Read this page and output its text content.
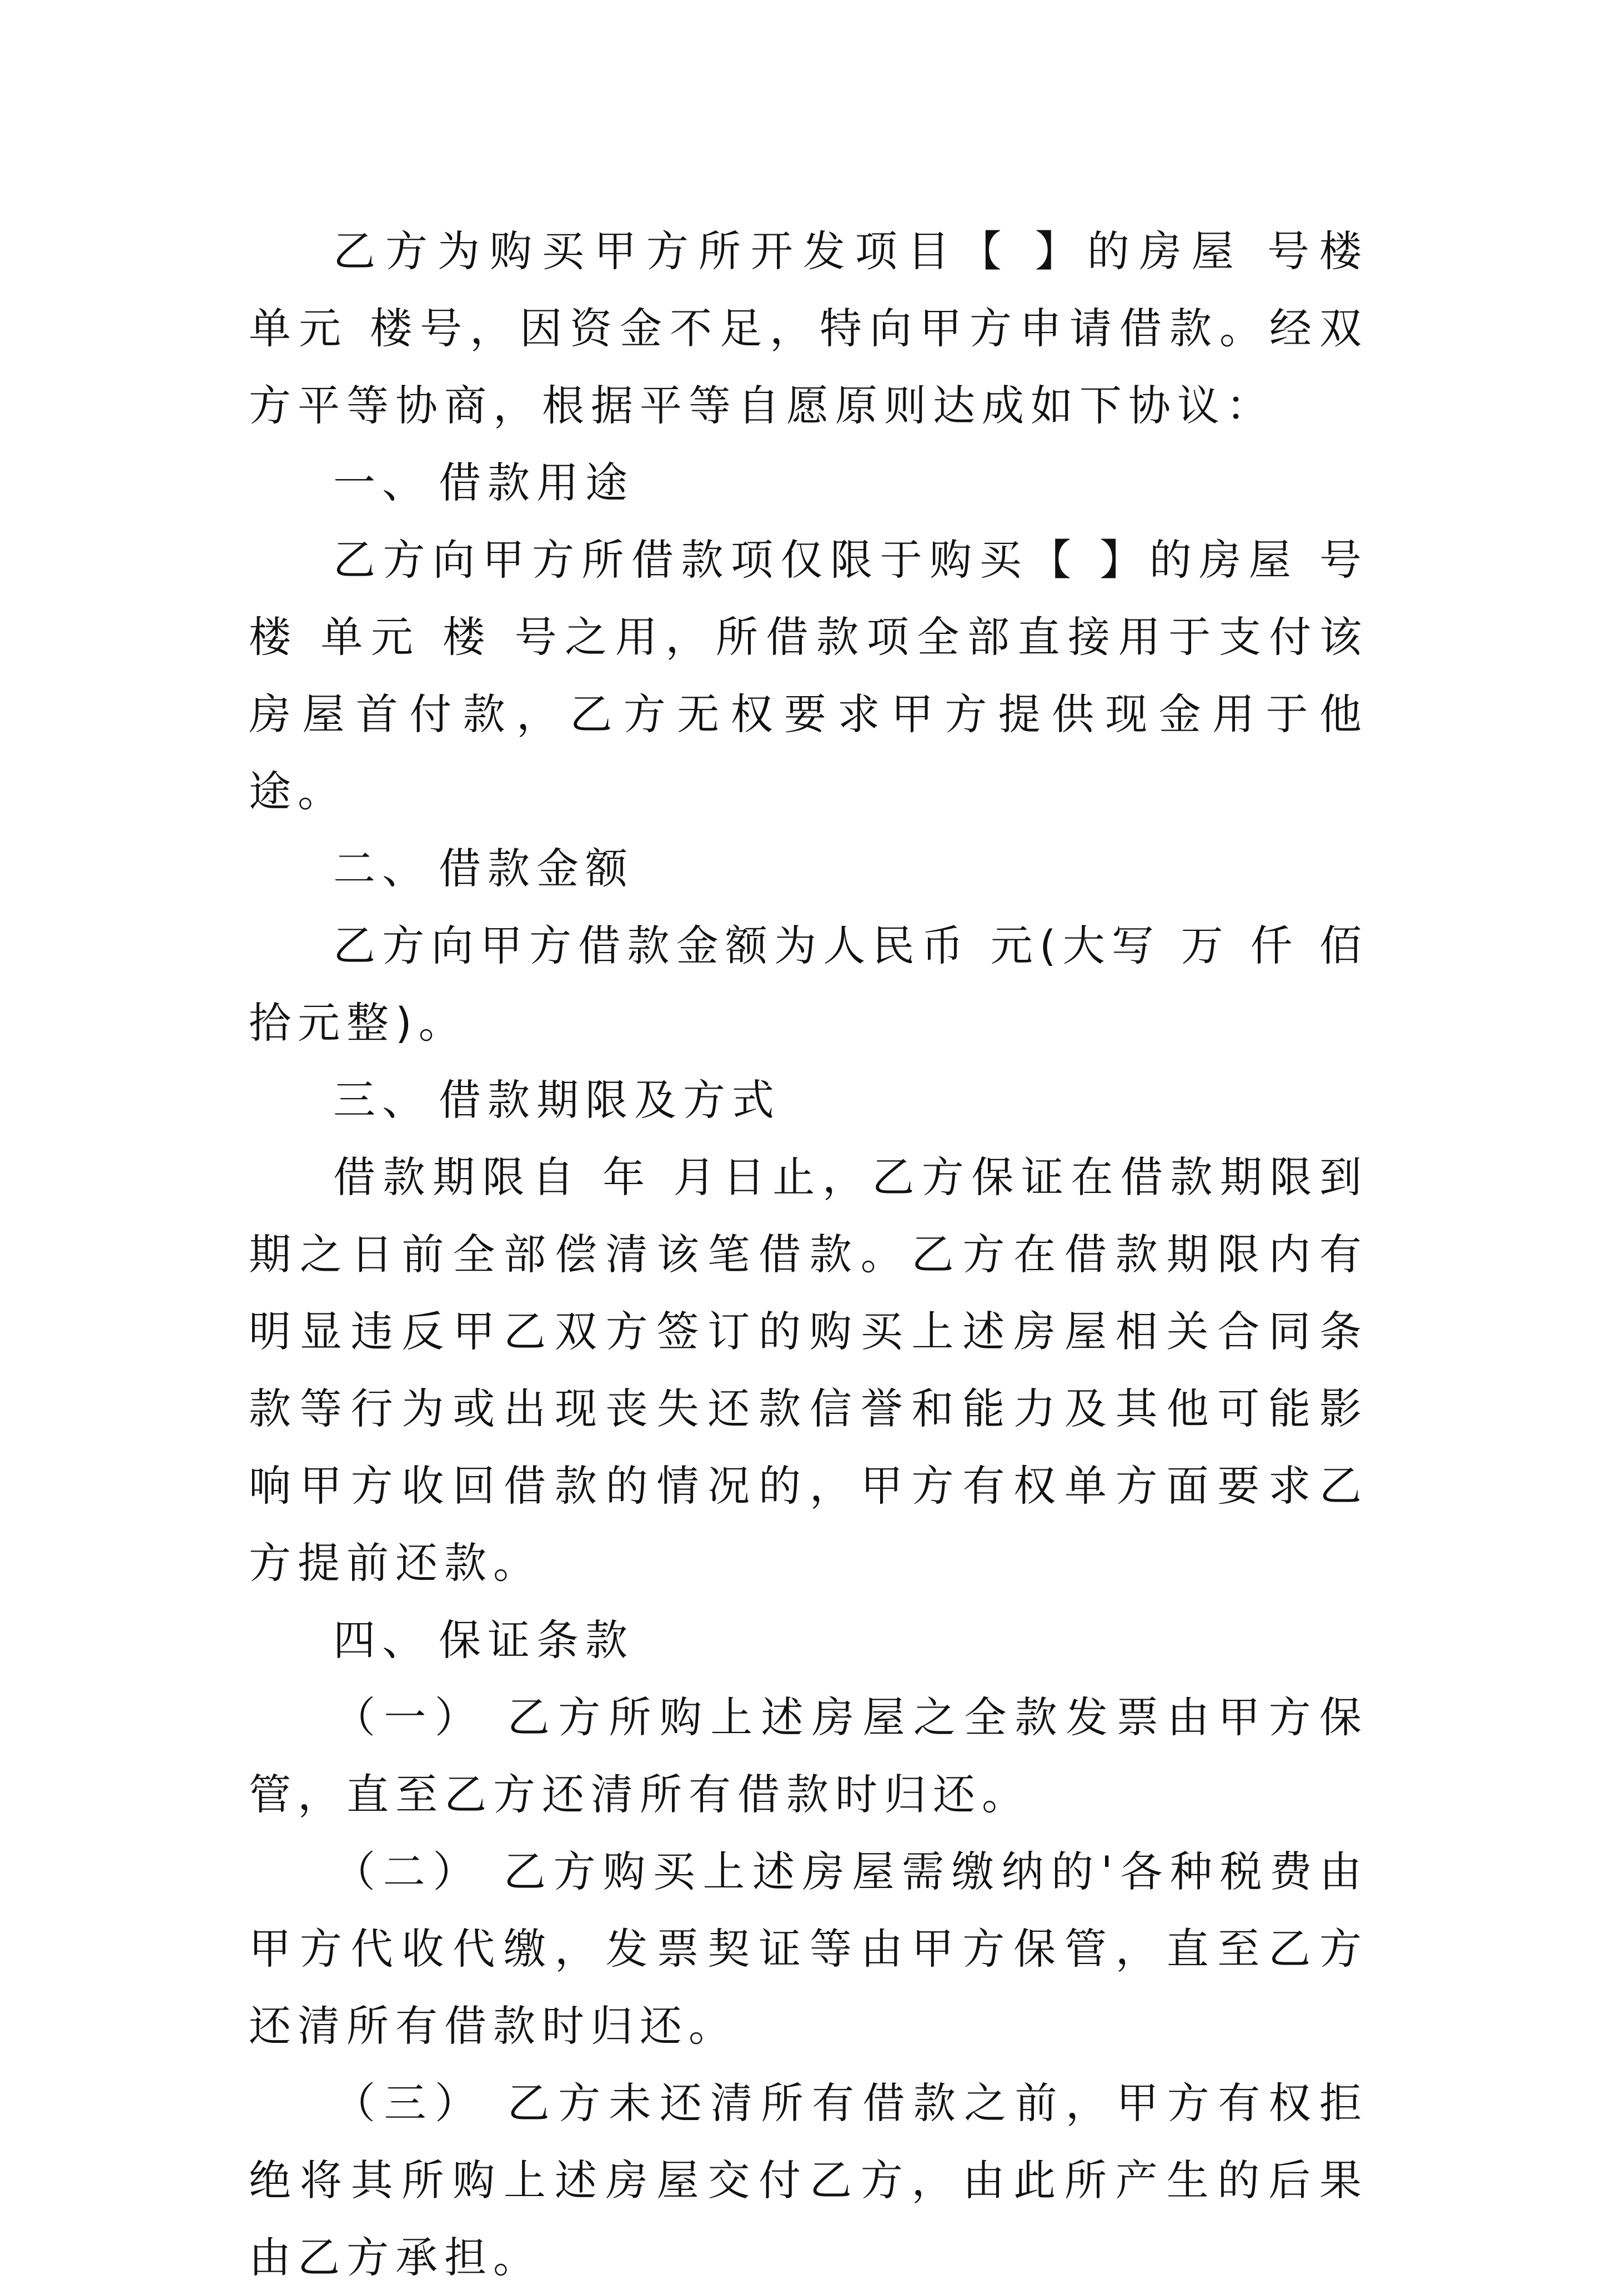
乙方为购买甲方所开发项目【 】的房屋 号楼 单元 楼号，因资金不足，特向甲方申请借款。经双方平等协商，根据平等自愿原则达成如下协议：

一、 借款用途

乙方向甲方所借款项仅限于购买【 】的房屋 号楼 单元 楼 号之用，所借款项全部直接用于支付该房屋首付款，乙方无权要求甲方提供现金用于他途。

二、 借款金额

乙方向甲方借款金额为人民币 元(大写 万 仟 佰 拾元整)。

三、 借款期限及方式

借款期限自 年 月日止，乙方保证在借款期限到期之日前全部偿清该笔借款。乙方在借款期限内有明显违反甲乙双方签订的购买上述房屋相关合同条款等行为或出现丧失还款信誉和能力及其他可能影响甲方收回借款的情况的，甲方有权单方面要求乙方提前还款。

四、 保证条款

（一） 乙方所购上述房屋之全款发票由甲方保管，直至乙方还清所有借款时归还。

（二） 乙方购买上述房屋需缴纳的'各种税费由甲方代收代缴，发票契证等由甲方保管，直至乙方还清所有借款时归还。

（三） 乙方未还清所有借款之前，甲方有权拒绝将其所购上述房屋交付乙方，由此所产生的后果由乙方承担。
